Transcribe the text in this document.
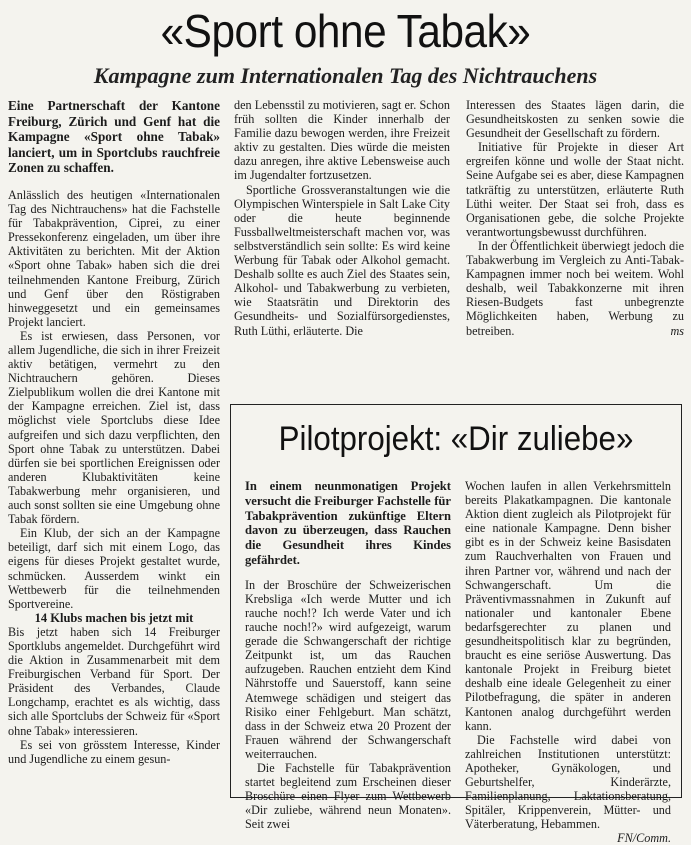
«Sport ohne Tabak»
Kampagne zum Internationalen Tag des Nichtrauchens

Eine Partnerschaft der Kantone Freiburg, Zürich und Genf hat die Kampagne «Sport ohne Tabak» lanciert, um in Sportclubs rauchfreie Zonen zu schaffen.

Anlässlich des heutigen «Internationalen Tag des Nichtrauchens» hat die Fachstelle für Tabakprävention, Ciprei, zu einer Pressekonferenz eingeladen, um über ihre Aktivitäten zu berichten. Mit der Aktion «Sport ohne Tabak» haben sich die drei teilnehmenden Kantone Freiburg, Zürich und Genf über den Röstigraben hinweggesetzt und ein gemeinsames Projekt lanciert.

Es ist erwiesen, dass Personen, vor allem Jugendliche, die sich in ihrer Freizeit aktiv betätigen, vermehrt zu den Nichtrauchern gehören. Dieses Zielpublikum wollen die drei Kantone mit der Kampagne erreichen. Ziel ist, dass möglichst viele Sportclubs diese Idee aufgreifen und sich dazu verpflichten, den Sport ohne Tabak zu unterstützen. Dabei dürfen sie bei sportlichen Ereignissen oder anderen Klubaktivitäten keine Tabakwerbung mehr organisieren, und auch sonst sollten sie eine Umgebung ohne Tabak fördern.

Ein Klub, der sich an der Kampagne beteiligt, darf sich mit einem Logo, das eigens für dieses Projekt gestaltet wurde, schmücken. Ausserdem winkt ein Wettbewerb für die teilnehmenden Sportvereine.

14 Klubs machen bis jetzt mit

Bis jetzt haben sich 14 Freiburger Sportklubs angemeldet. Durchgeführt wird die Aktion in Zusammenarbeit mit dem Freiburgischen Verband für Sport. Der Präsident des Verbandes, Claude Longchamp, erachtet es als wichtig, dass sich alle Sportclubs der Schweiz für «Sport ohne Tabak» interessieren.

Es sei von grösstem Interesse, Kinder und Jugendliche zu einem gesun-

den Lebensstil zu motivieren, sagt er. Schon früh sollten die Kinder innerhalb der Familie dazu bewogen werden, ihre Freizeit aktiv zu gestalten. Dies würde die meisten dazu anregen, ihre aktive Lebensweise auch im Jugendalter fortzusetzen.

Sportliche Grossveranstaltungen wie die Olympischen Winterspiele in Salt Lake City oder die heute beginnende Fussballweltmeisterschaft machen vor, was selbstverständlich sein sollte: Es wird keine Werbung für Tabak oder Alkohol gemacht. Deshalb sollte es auch Ziel des Staates sein, Alkohol- und Tabakwerbung zu verbieten, wie Staatsrätin und Direktorin des Gesundheits- und Sozialfürsorgedienstes, Ruth Lüthi, erläuterte. Die

Interessen des Staates lägen darin, die Gesundheitskosten zu senken sowie die Gesundheit der Gesellschaft zu fördern.

Initiative für Projekte in dieser Art ergreifen könne und wolle der Staat nicht. Seine Aufgabe sei es aber, diese Kampagnen tatkräftig zu unterstützen, erläuterte Ruth Lüthi weiter. Der Staat sei froh, dass es Organisationen gebe, die solche Projekte verantwortungsbewusst durchführen.

In der Öffentlichkeit überwiegt jedoch die Tabakwerbung im Vergleich zu Anti-Tabak-Kampagnen immer noch bei weitem. Wohl deshalb, weil Tabakkonzerne mit ihren Riesen-Budgets fast unbegrenzte Möglichkeiten haben, Werbung zu betreiben.	ms

Pilotprojekt: «Dir zuliebe»

In einem neunmonatigen Projekt versucht die Freiburger Fachstelle für Tabakprävention zukünftige Eltern davon zu überzeugen, dass Rauchen die Gesundheit ihres Kindes gefährdet.

In der Broschüre der Schweizerischen Krebsliga «Ich werde Mutter und ich rauche noch!? Ich werde Vater und ich rauche noch!?» wird aufgezeigt, warum gerade die Schwangerschaft der richtige Zeitpunkt ist, um das Rauchen aufzugeben. Rauchen entzieht dem Kind Nährstoffe und Sauerstoff, kann seine Atemwege schädigen und steigert das Risiko einer Fehlgeburt. Man schätzt, dass in der Schweiz etwa 20 Prozent der Frauen während der Schwangerschaft weiterrauchen.

Die Fachstelle für Tabakprävention startet begleitend zum Erscheinen dieser Broschüre einen Flyer zum Wettbewerb «Dir zuliebe, während neun Monaten». Seit zwei

Wochen laufen in allen Verkehrsmitteln bereits Plakatkampagnen. Die kantonale Aktion dient zugleich als Pilotprojekt für eine nationale Kampagne. Denn bisher gibt es in der Schweiz keine Basisdaten zum Rauchverhalten von Frauen und ihren Partner vor, während und nach der Schwangerschaft. Um die Präventivmassnahmen in Zukunft auf nationaler und kantonaler Ebene bedarfsgerechter zu planen und gesundheitspolitisch klar zu begründen, braucht es eine seriöse Auswertung. Das kantonale Projekt in Freiburg bietet deshalb eine ideale Gelegenheit zu einer Pilotbefragung, die später in anderen Kantonen analog durchgeführt werden kann.

Die Fachstelle wird dabei von zahlreichen Institutionen unterstützt: Apotheker, Gynäkologen, und Geburtshelfer, Kinderärzte, Familienplanung, Laktationsberatung, Spitäler, Krippenverein, Mütter- und Väterberatung, Hebammen.

FN/Comm.
